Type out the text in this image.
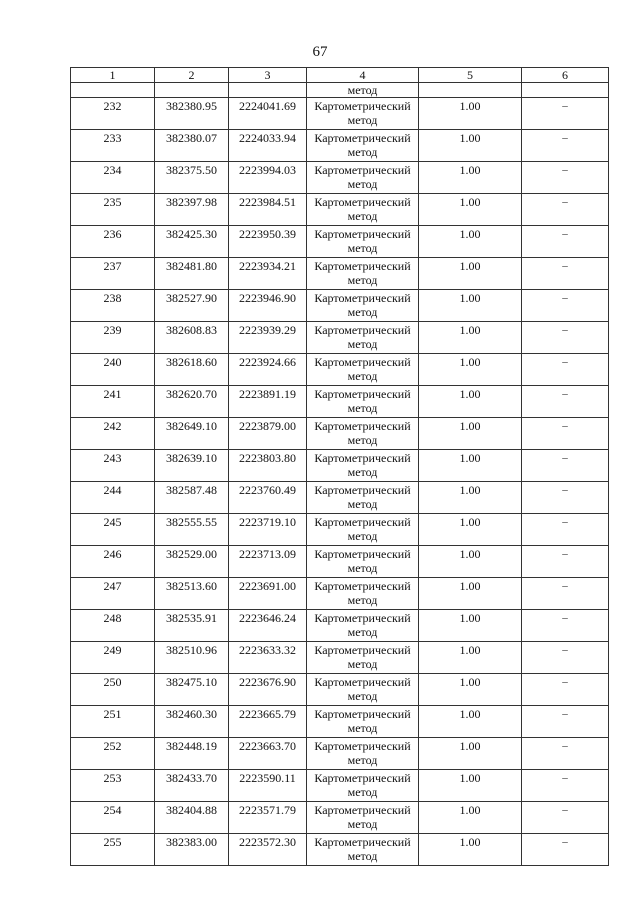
67
1	2	3	4	5	6
			метод		
232	382380.95	2224041.69	Картометрический
метод	1.00	–
233	382380.07	2224033.94	Картометрический
метод	1.00	–
234	382375.50	2223994.03	Картометрический
метод	1.00	–
235	382397.98	2223984.51	Картометрический
метод	1.00	–
236	382425.30	2223950.39	Картометрический
метод	1.00	–
237	382481.80	2223934.21	Картометрический
метод	1.00	–
238	382527.90	2223946.90	Картометрический
метод	1.00	–
239	382608.83	2223939.29	Картометрический
метод	1.00	–
240	382618.60	2223924.66	Картометрический
метод	1.00	–
241	382620.70	2223891.19	Картометрический
метод	1.00	–
242	382649.10	2223879.00	Картометрический
метод	1.00	–
243	382639.10	2223803.80	Картометрический
метод	1.00	–
244	382587.48	2223760.49	Картометрический
метод	1.00	–
245	382555.55	2223719.10	Картометрический
метод	1.00	–
246	382529.00	2223713.09	Картометрический
метод	1.00	–
247	382513.60	2223691.00	Картометрический
метод	1.00	–
248	382535.91	2223646.24	Картометрический
метод	1.00	–
249	382510.96	2223633.32	Картометрический
метод	1.00	–
250	382475.10	2223676.90	Картометрический
метод	1.00	–
251	382460.30	2223665.79	Картометрический
метод	1.00	–
252	382448.19	2223663.70	Картометрический
метод	1.00	–
253	382433.70	2223590.11	Картометрический
метод	1.00	–
254	382404.88	2223571.79	Картометрический
метод	1.00	–
255	382383.00	2223572.30	Картометрический
метод	1.00	–
